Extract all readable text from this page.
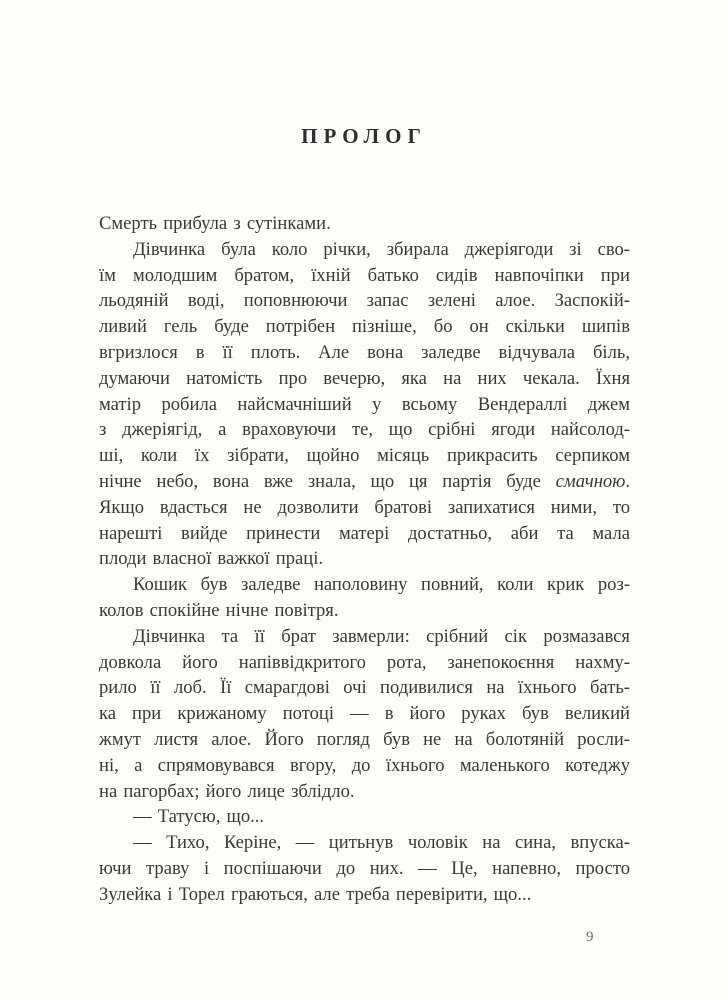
ПРОЛОГ
Смерть прибула з сутінками.
Дівчинка була коло річки, збирала джеріягоди зі сво-
їм молодшим братом, їхній батько сидів навпочіпки при
льодяній воді, поповнюючи запас зелені алое. Заспокій-
ливий гель буде потрібен пізніше, бо он скільки шипів
вгризлося в її плоть. Але вона заледве відчувала біль,
думаючи натомість про вечерю, яка на них чекала. Їхня
матір робила найсмачніший у всьому Вендераллі джем
з джеріягід, а враховуючи те, що срібні ягоди найсолод-
ші, коли їх зібрати, щойно місяць прикрасить серпиком
нічне небо, вона вже знала, що ця партія буде смачною.
Якщо вдасться не дозволити братові запихатися ними, то
нарешті вийде принести матері достатньо, аби та мала
плоди власної важкої праці.
Кошик був заледве наполовину повний, коли крик роз-
колов спокійне нічне повітря.
Дівчинка та її брат завмерли: срібний сік розмазався
довкола його напіввідкритого рота, занепокоєння нахму-
рило її лоб. Її смарагдові очі подивилися на їхнього бать-
ка при крижаному потоці — в його руках був великий
жмут листя алое. Його погляд був не на болотяній росли-
ні, а спрямовувався вгору, до їхнього маленького котеджу
на пагорбах; його лице зблідло.
— Татусю, що...
— Тихо, Керіне, — цитьнув чоловік на сина, впуска-
ючи траву і поспішаючи до них. — Це, напевно, просто
Зулейка і Торел граються, але треба перевірити, що...
9
